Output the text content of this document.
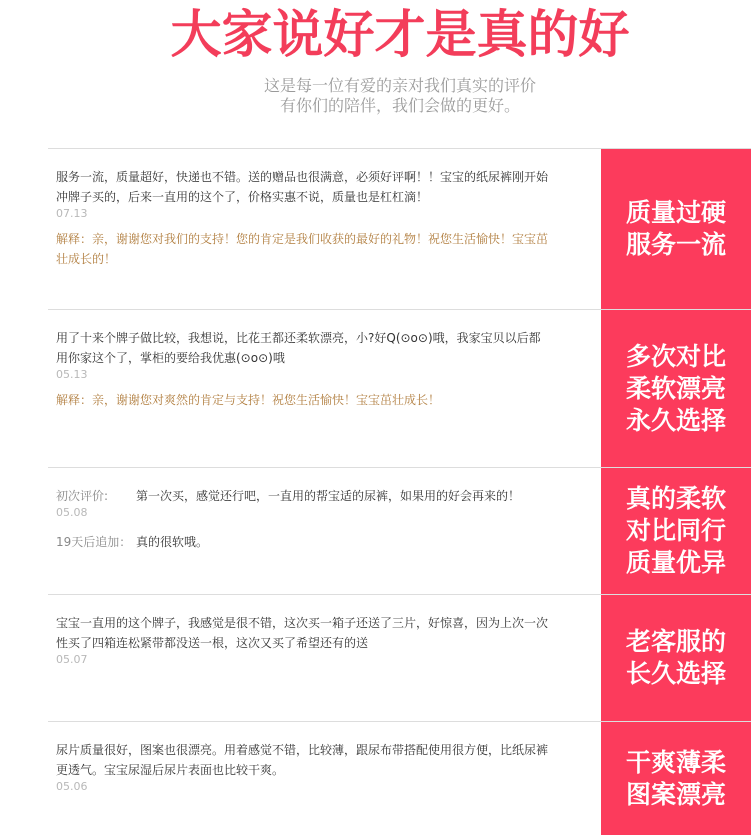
大家说好才是真的好
这是每一位有爱的亲对我们真实的评价
有你们的陪伴，我们会做的更好。
服务一流，质量超好，快递也不错。送的赠品也很满意，必须好评啊！！宝宝的纸尿裤刚开始冲牌子买的，后来一直用的这个了，价格实惠不说，质量也是杠杠滴！
07.13
解释：亲，谢谢您对我们的支持！您的肯定是我们收获的最好的礼物！祝您生活愉快！宝宝茁壮成长的！
质量过硬
服务一流
用了十来个牌子做比较，我想说，比花王都还柔软漂亮，小?好Q(⊙o⊙)哦，我家宝贝以后都用你家这个了，掌柜的要给我优惠(⊙o⊙)哦
05.13
解释：亲，谢谢您对爽然的肯定与支持！祝您生活愉快！宝宝茁壮成长！
多次对比
柔软漂亮
永久选择
初次评价: 第一次买，感觉还行吧，一直用的帮宝适的尿裤，如果用的好会再来的！
05.08
19天后追加： 真的很软哦。
真的柔软
对比同行
质量优异
宝宝一直用的这个牌子，我感觉是很不错，这次买一箱子还送了三片，好惊喜，因为上次一次性买了四箱连松紧带都没送一根，这次又买了希望还有的送
05.07
老客服的
长久选择
尿片质量很好，图案也很漂亮。用着感觉不错，比较薄，跟尿布带搭配使用很方便，比纸尿裤更透气。宝宝尿湿后尿片表面也比较干爽。
05.06
干爽薄柔
图案漂亮
